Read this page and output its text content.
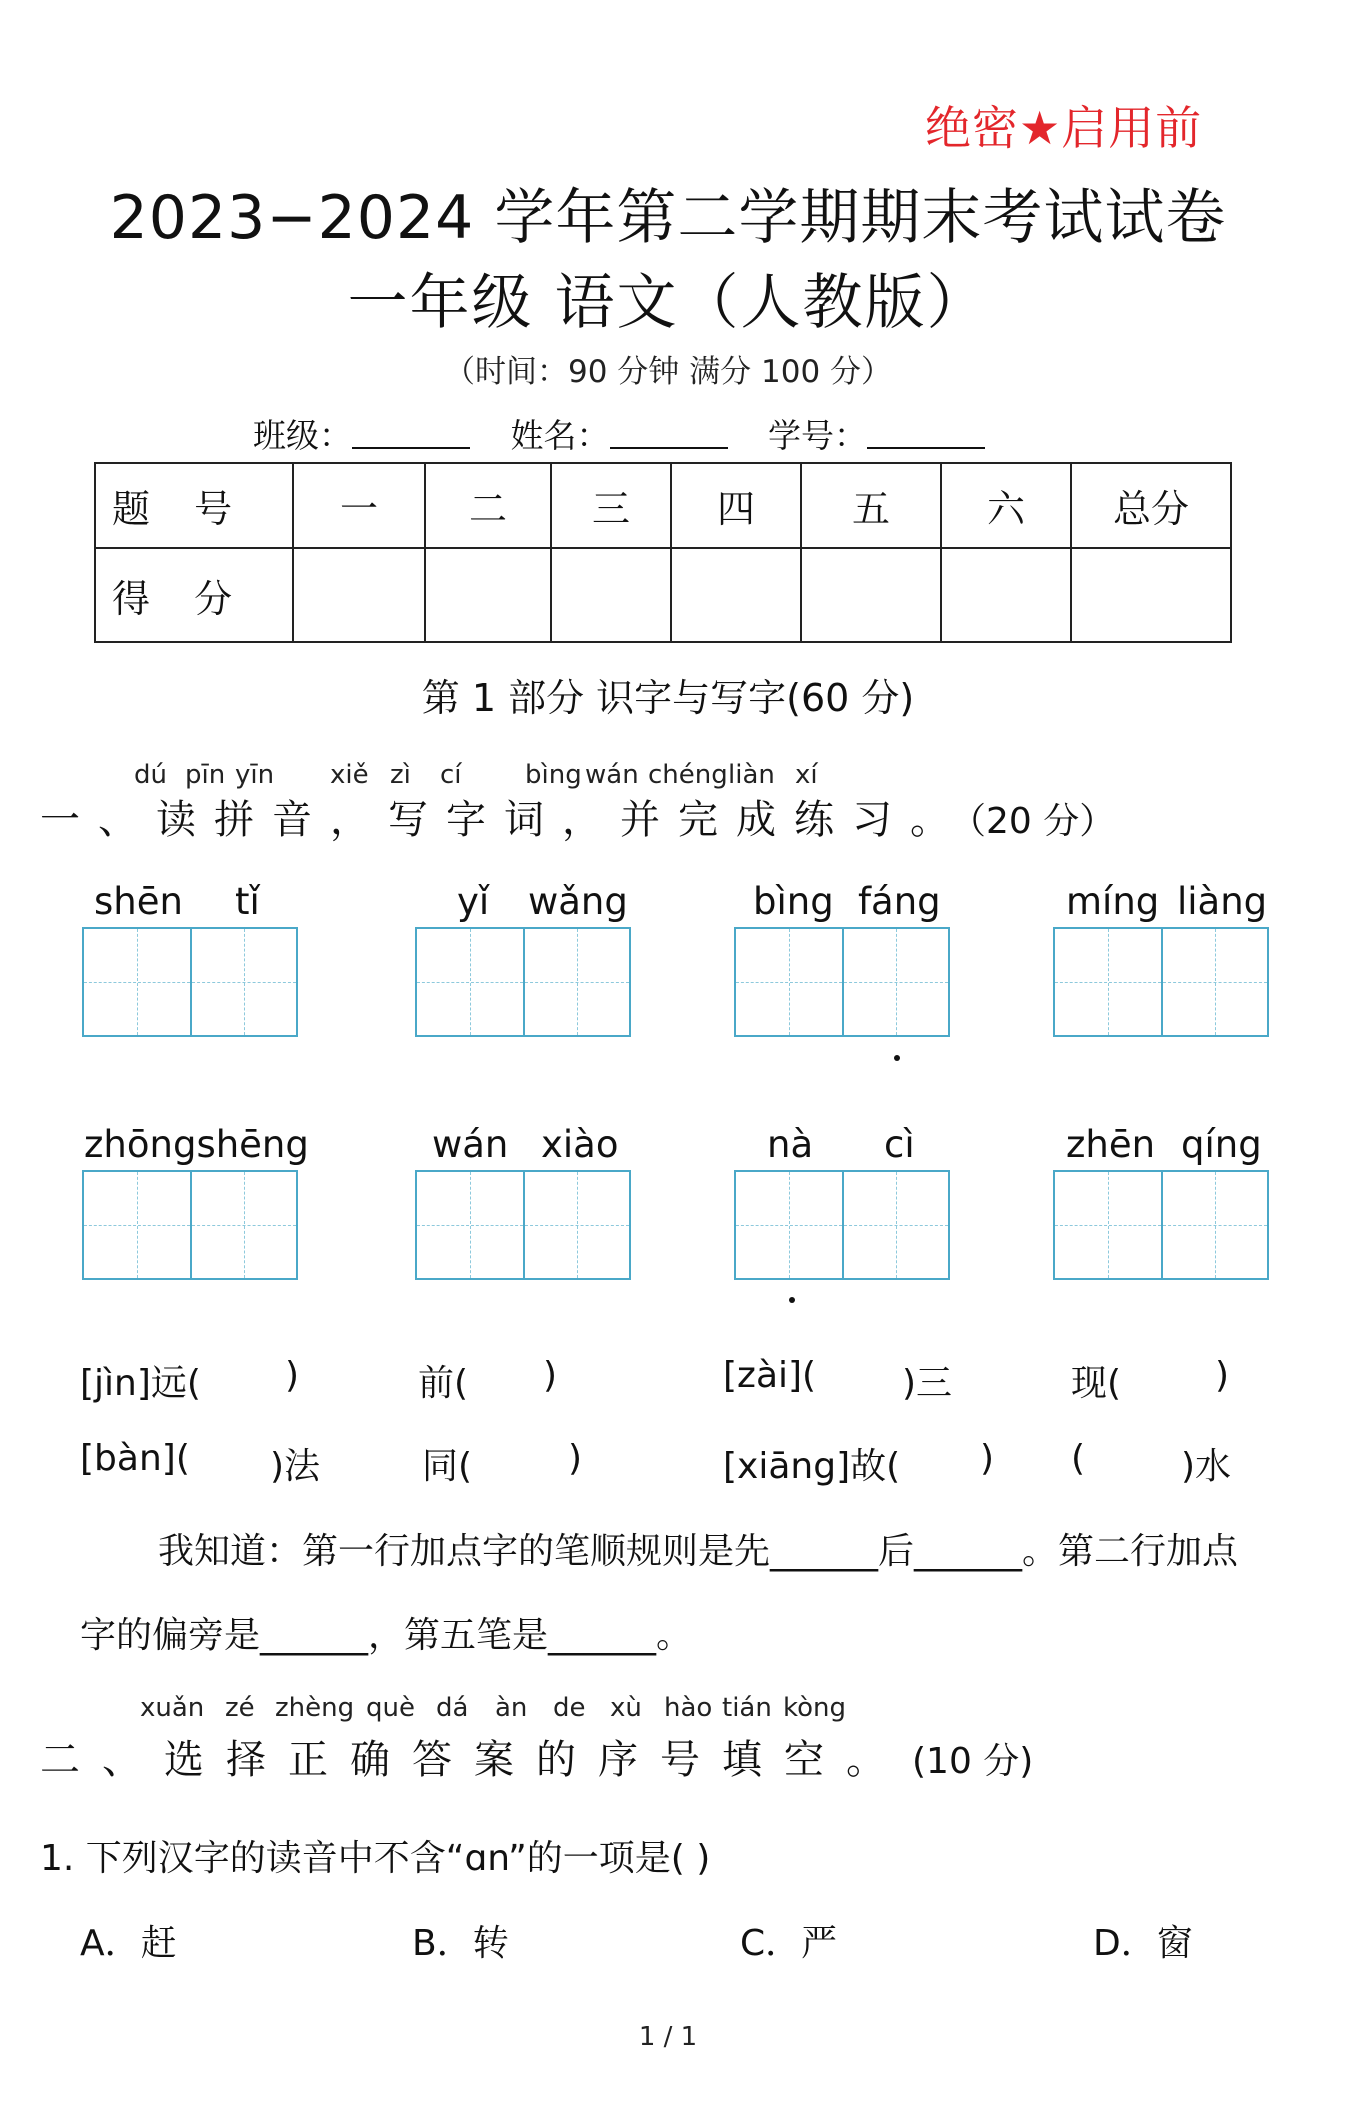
绝密★启用前
2023−2024 学年第二学期期末考试试卷
一年级 语文（人教版）
（时间：90 分钟 满分 100 分）
班级：	姓名：	学号：
题 号	一	二	三	四	五	六	总分
得 分							
第 1 部分 识字与写字(60 分)
dú pīn yīn xiě zì cí bìng wán chéng liàn xí
一、读拼音，写字词，并完成练习。（20 分）
shēn tǐ	yǐ wǎng	bìng fáng	míng liàng
zhōngshēng	wán xiào	nà cì	zhēn qíng
[jìn]远( )	前( )	[zài]( )三	现(	)
[bàn]( )法	同(	)	[xiāng]故( ) (	)水
我知道：第一行加点字的笔顺规则是先______后______。第二行加点
字的偏旁是______，第五笔是______。
xuǎn zé zhèng què dá àn de xù hào tián kòng
二、选择正确答案的序号填空。 (10 分)
1. 下列汉字的读音中不含“ɑn”的一项是( )
A．赶	B．转	C．严	D．窗
1 / 1
